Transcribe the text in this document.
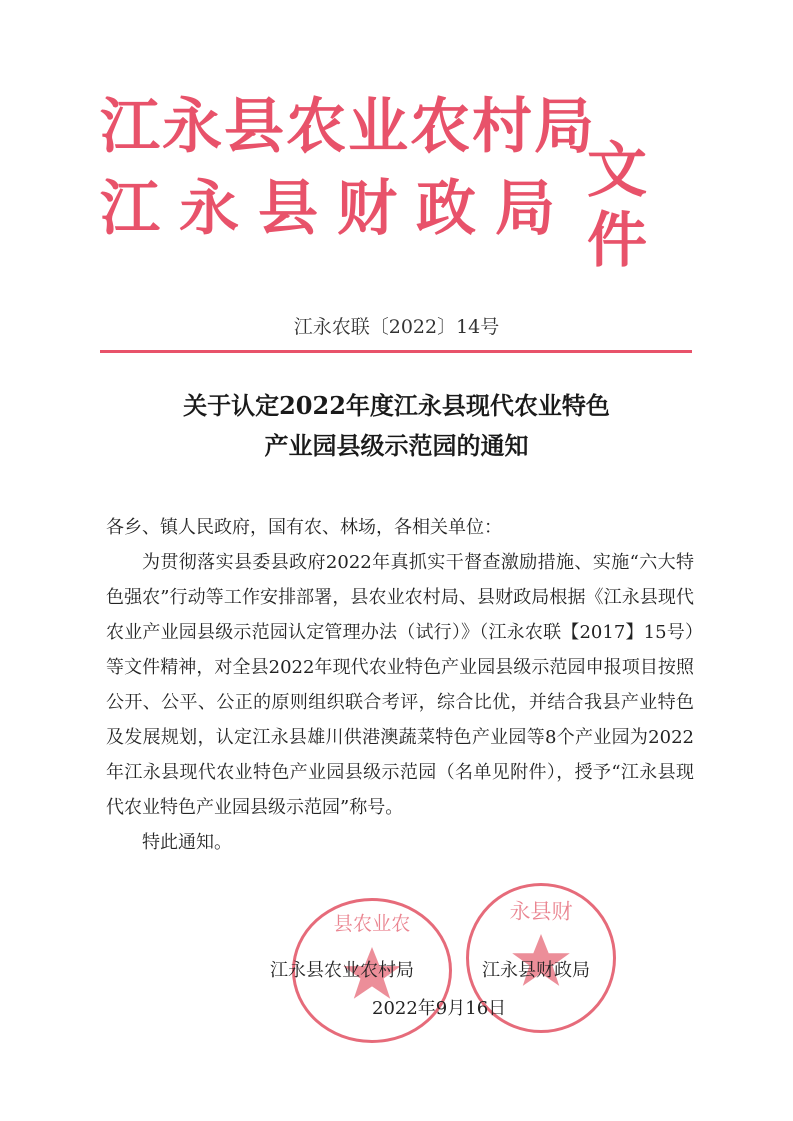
江永县农业农村局
江永县财政局
文件
江永农联〔2022〕14号
关于认定2022年度江永县现代农业特色
产业园县级示范园的通知

各乡、镇人民政府，国有农、林场，各相关单位：

为贯彻落实县委县政府2022年真抓实干督查激励措施、实施“六大特色强农”行动等工作安排部署，县农业农村局、县财政局根据《江永县现代农业产业园县级示范园认定管理办法（试行）》（江永农联【2017】15号）等文件精神，对全县2022年现代农业特色产业园县级示范园申报项目按照公开、公平、公正的原则组织联合考评，综合比优，并结合我县产业特色及发展规划，认定江永县雄川供港澳蔬菜特色产业园等8个产业园为2022年江永县现代农业特色产业园县级示范园（名单见附件），授予“江永县现代农业特色产业园县级示范园”称号。

特此通知。

县农业农	永县财
江永县农业农村局	江永县财政局
2022年9月16日
